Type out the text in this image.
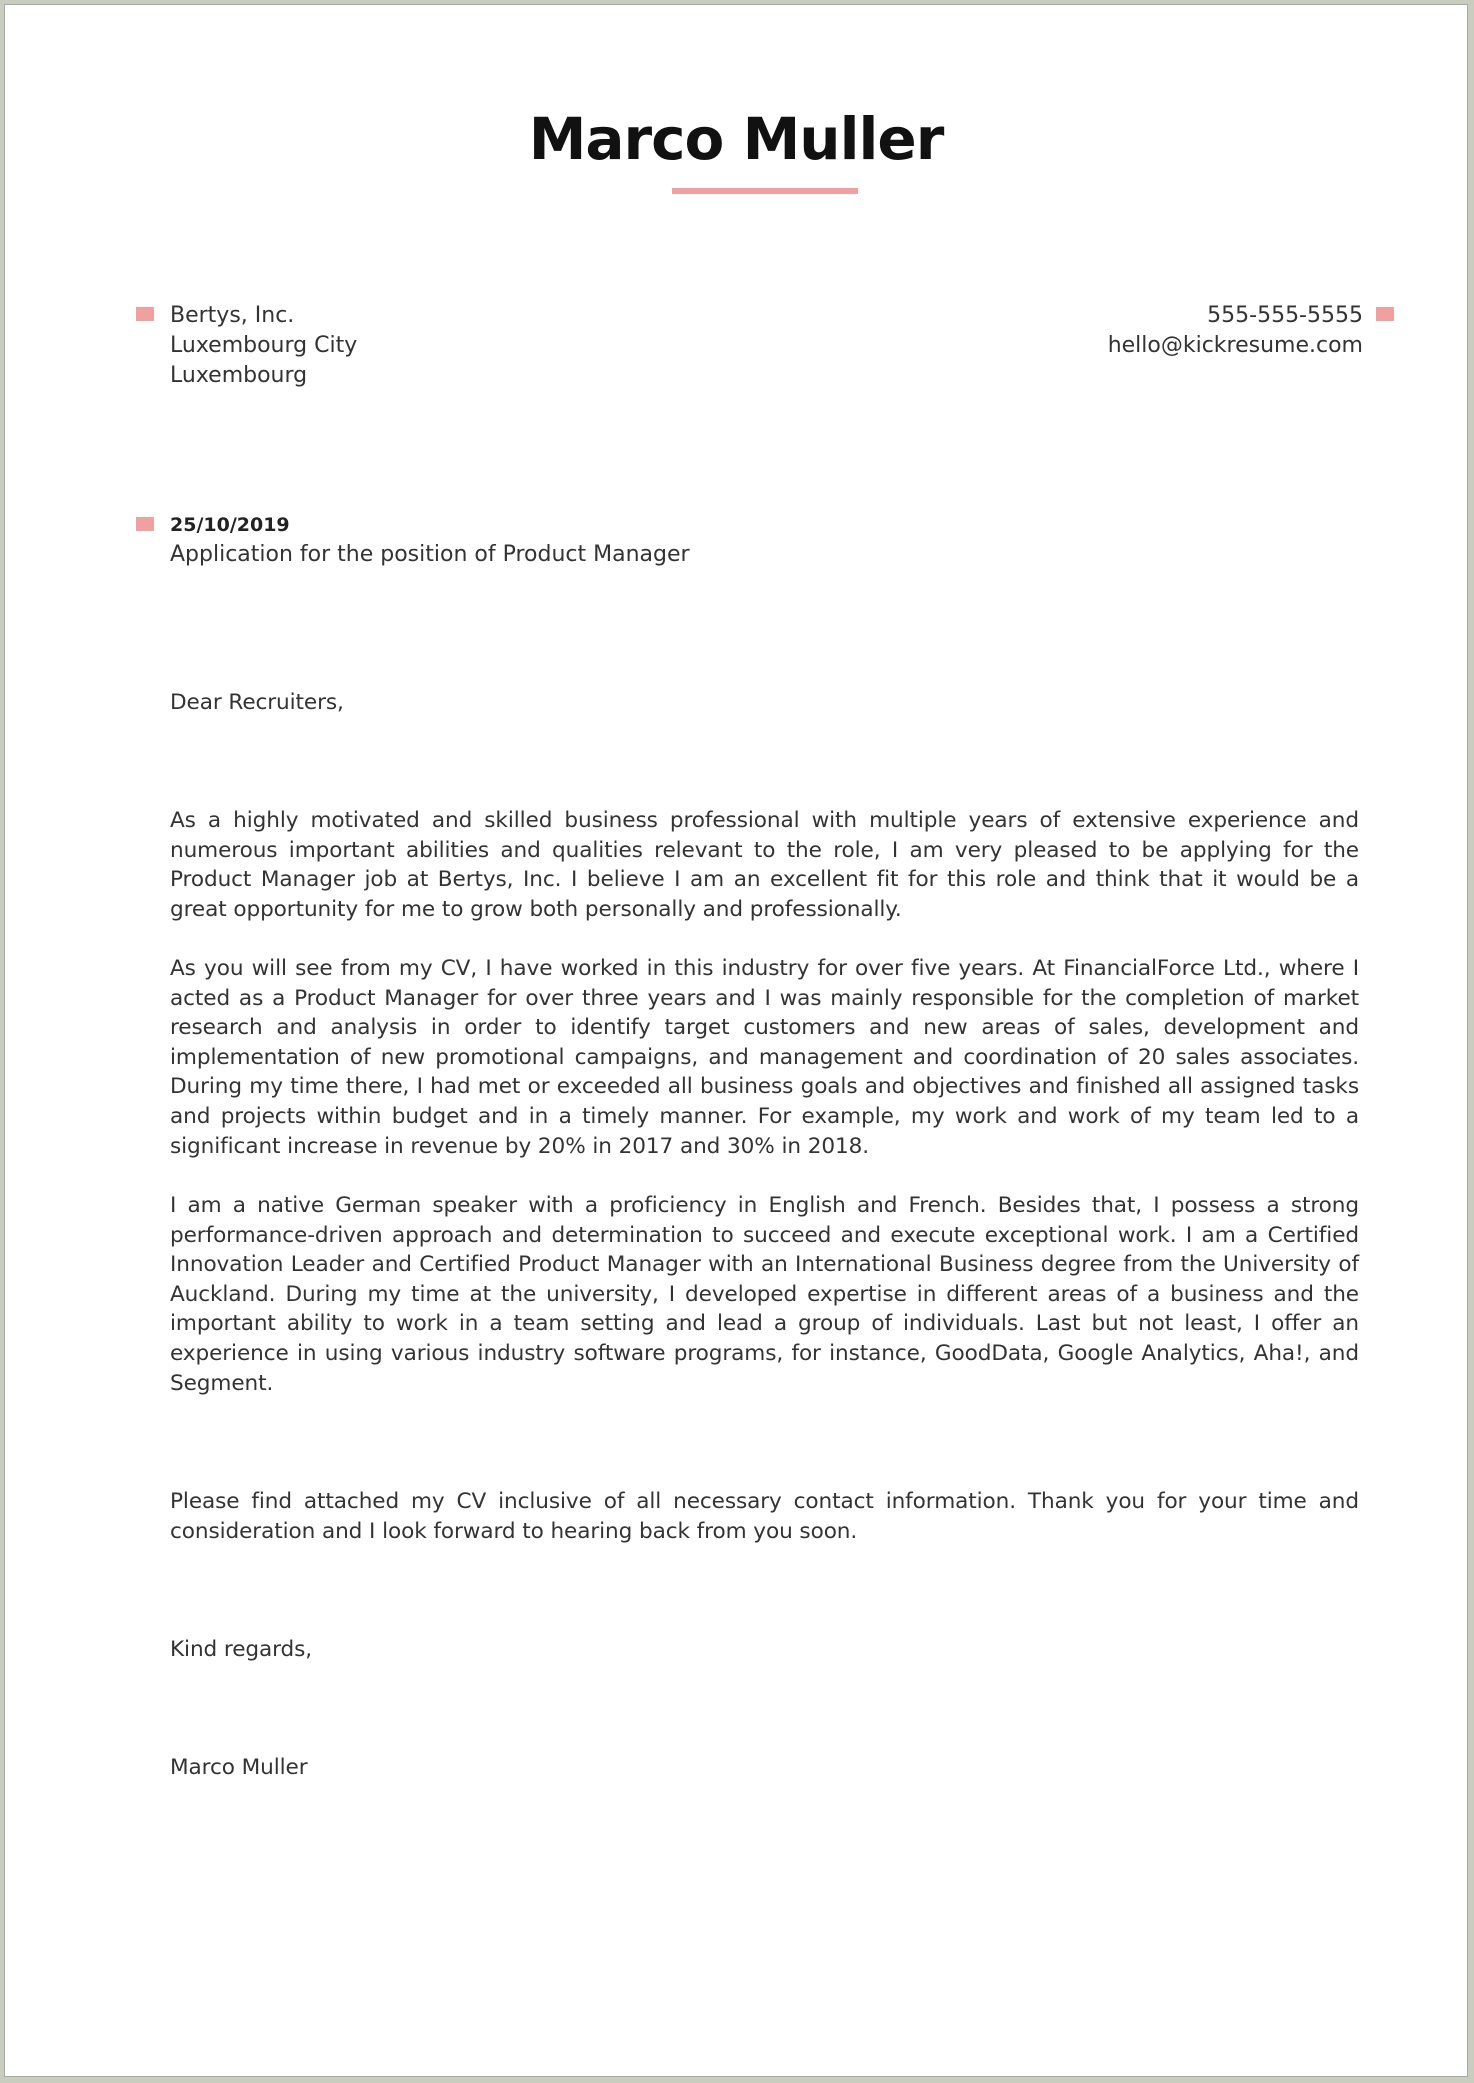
Marco Muller
Bertys, Inc.
Luxembourg City
Luxembourg
555-555-5555
hello@kickresume.com
25/10/2019
Application for the position of Product Manager

Dear Recruiters,

As a highly motivated and skilled business professional with multiple years of extensive experience and numerous important abilities and qualities relevant to the role, I am very pleased to be applying for the Product Manager job at Bertys, Inc. I believe I am an excellent fit for this role and think that it would be a great opportunity for me to grow both personally and professionally.

As you will see from my CV, I have worked in this industry for over five years. At FinancialForce Ltd., where I acted as a Product Manager for over three years and I was mainly responsible for the completion of market research and analysis in order to identify target customers and new areas of sales, development and implementation of new promotional campaigns, and management and coordination of 20 sales associates. During my time there, I had met or exceeded all business goals and objectives and finished all assigned tasks and projects within budget and in a timely manner. For example, my work and work of my team led to a significant increase in revenue by 20% in 2017 and 30% in 2018.

I am a native German speaker with a proficiency in English and French. Besides that, I possess a strong performance-driven approach and determination to succeed and execute exceptional work. I am a Certified Innovation Leader and Certified Product Manager with an International Business degree from the University of Auckland. During my time at the university, I developed expertise in different areas of a business and the important ability to work in a team setting and lead a group of individuals. Last but not least, I offer an experience in using various industry software programs, for instance, GoodData, Google Analytics, Aha!, and Segment.

Please find attached my CV inclusive of all necessary contact information. Thank you for your time and consideration and I look forward to hearing back from you soon.

Kind regards,

Marco Muller
